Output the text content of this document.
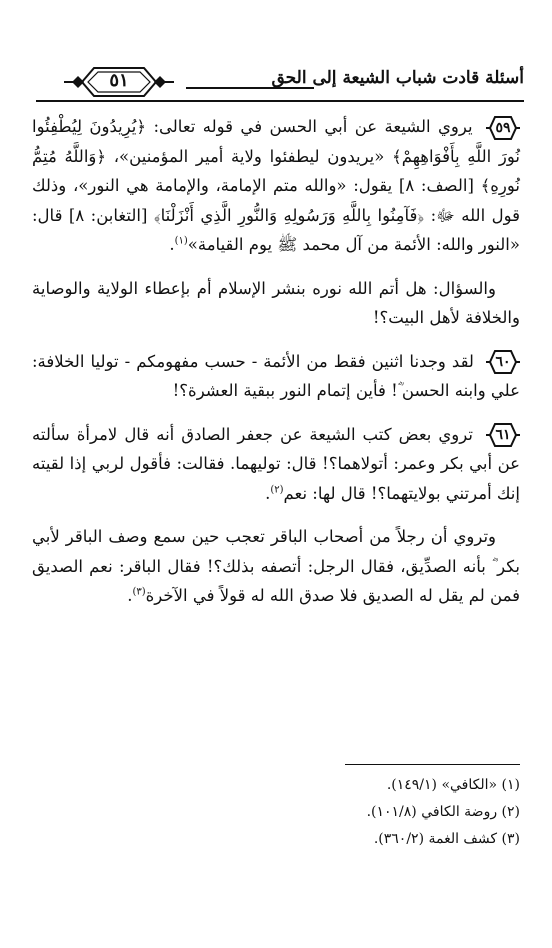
٥١	أسئلة قادت شباب الشيعة إلى الحق

٥٩
يروي الشيعة عن أبي الحسن في قوله تعالى: ﴿يُرِيدُونَ لِيُطْفِئُوا نُورَ اللَّهِ بِأَفْوَاهِهِمْ﴾ «يريدون ليطفئوا ولاية أمير المؤمنين»، ﴿وَاللَّهُ مُتِمُّ نُورِهِ﴾ [الصف: ٨] يقول: «والله متم الإمامة، والإمامة هي النور»، وذلك قول الله ﷻ: ﴿فَآمِنُوا بِاللَّهِ وَرَسُولِهِ وَالنُّورِ الَّذِي أَنْزَلْنَا﴾ [التغابن: ٨] قال: «النور والله: الأئمة من آل محمد ﷺ يوم القيامة»$^{(١)}$.

والسؤال: هل أتم الله نوره بنشر الإسلام أم بإعطاء الولاية والوصاية والخلافة لأهل البيت؟!

٦٠
لقد وجدنا اثنين فقط من الأئمة - حسب مفهومكم - توليا الخلافة: علي وابنه الحسن ؓ! فأين إتمام النور ببقية العشرة؟!

٦١
تروي بعض كتب الشيعة عن جعفر الصادق أنه قال لامرأة سألته عن أبي بكر وعمر: أتولاهما؟! قال: توليهما. فقالت: فأقول لربي إذا لقيته إنك أمرتني بولايتهما؟! قال لها: نعم$^{(٢)}$.

وتروي أن رجلاً من أصحاب الباقر تعجب حين سمع وصف الباقر لأبي بكر ؓ بأنه الصدِّيق، فقال الرجل: أتصفه بذلك؟! فقال الباقر: نعم الصديق فمن لم يقل له الصديق فلا صدق الله له قولاً في الآخرة$^{(٣)}$.

(١) «الكافي» (١٤٩/١).
(٢) روضة الكافي (١٠١/٨).
(٣) كشف الغمة (٣٦٠/٢).
